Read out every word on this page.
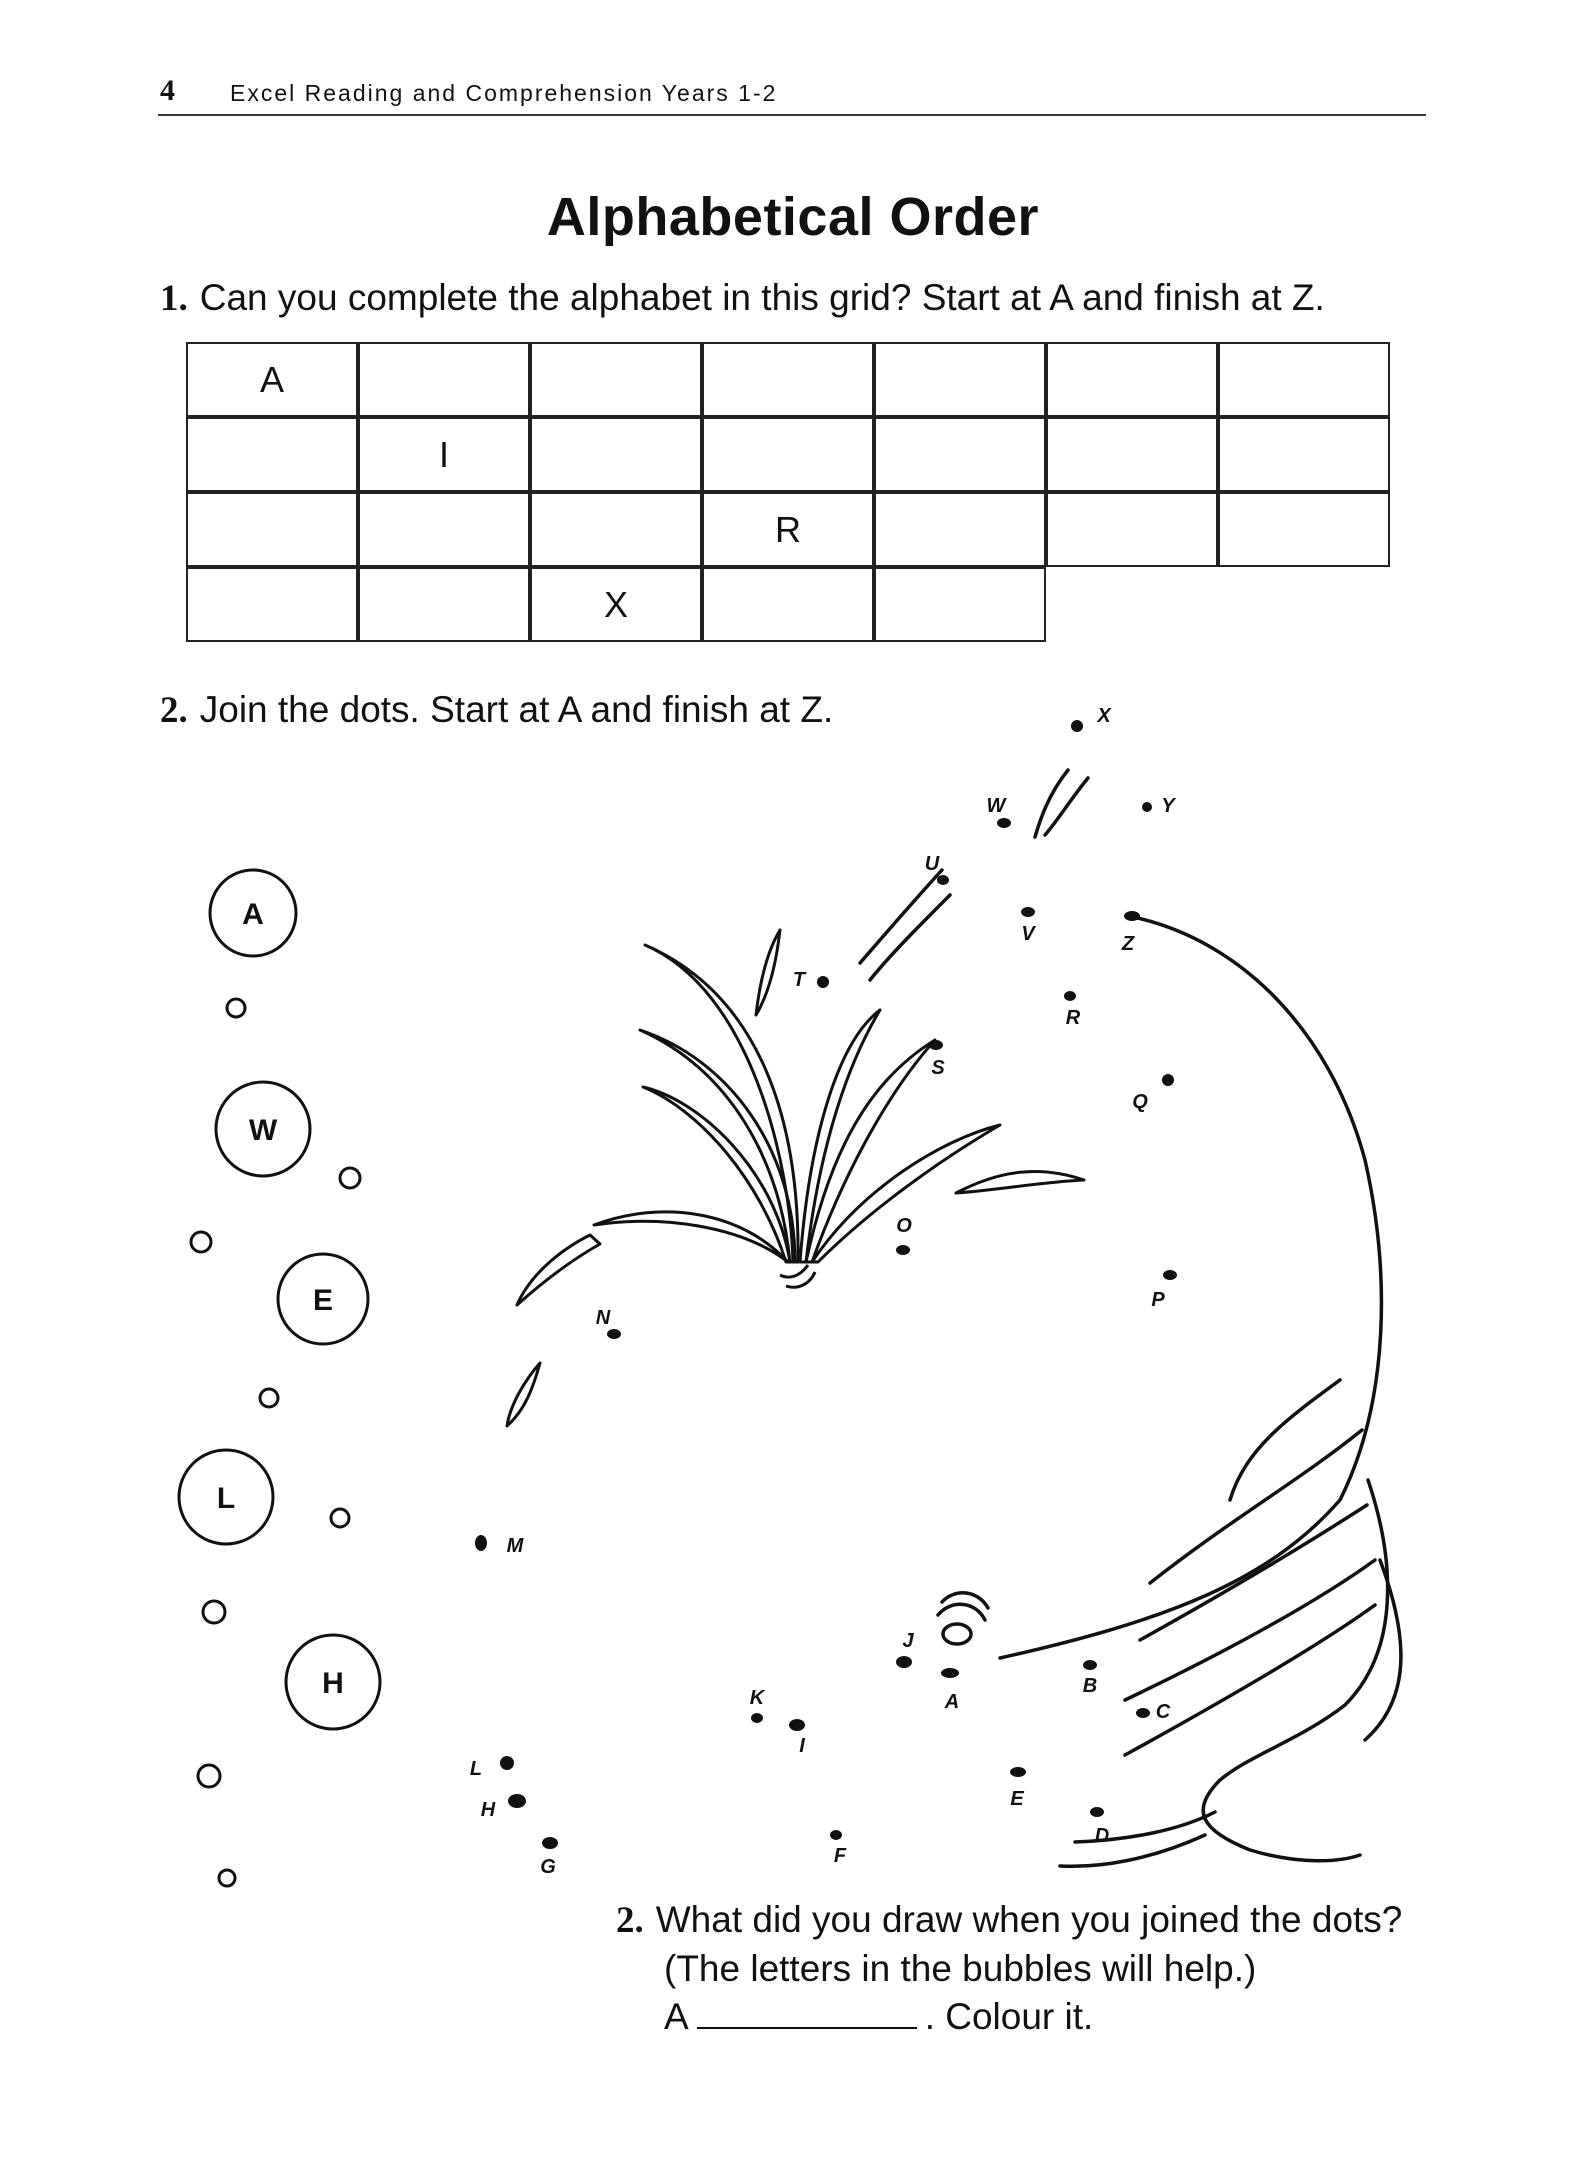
4 Excel Reading and Comprehension Years 1-2
Alphabetical Order
1. Can you complete the alphabet in this grid? Start at A and finish at Z.
A
I
R
X
2. Join the dots. Start at A and finish at Z.
A
W
E
L
H
A
B
C
D
E
F
G
H
I
J
K
L
M
N
O
P
Q
R
S
T
U
V
W
X
Y
Z
2. What did you draw when you joined the dots?
(The letters in the bubbles will help.)
A	. Colour it.
